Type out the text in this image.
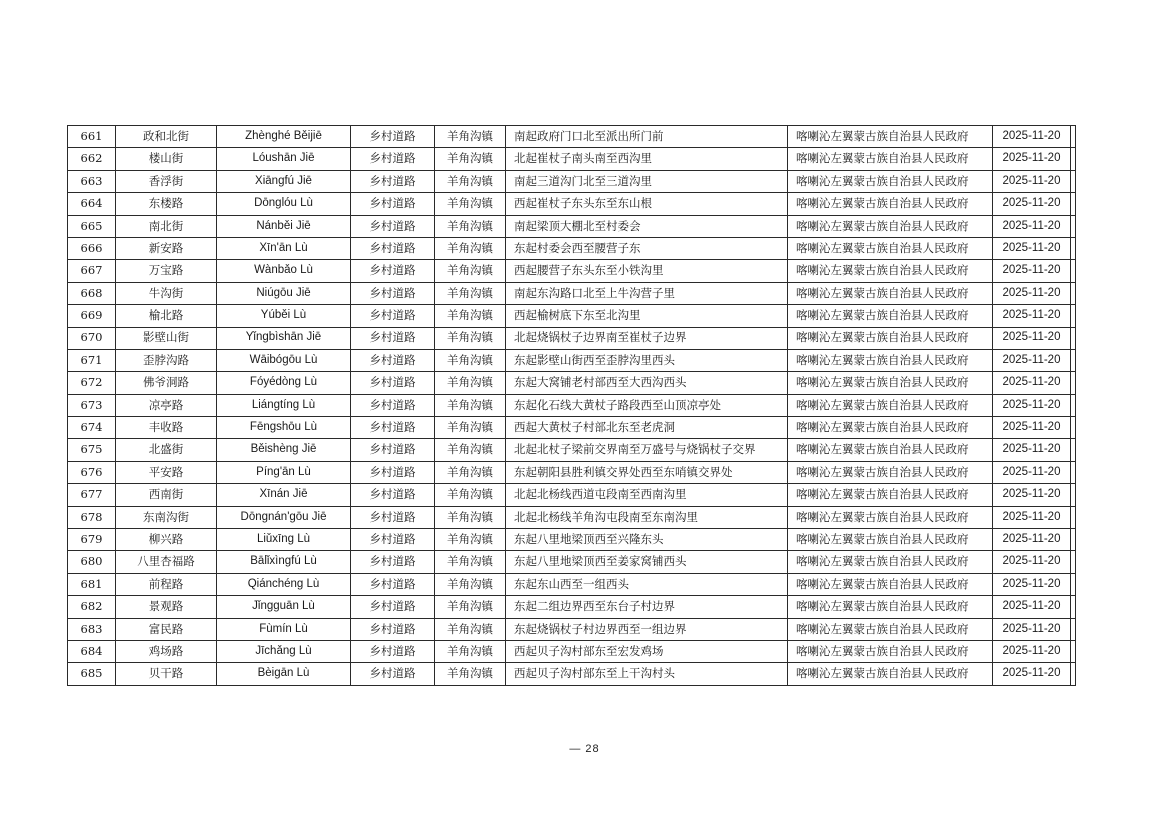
661	政和北街	Zhènghé Běijiē	乡村道路	羊角沟镇	南起政府门口北至派出所门前	喀喇沁左翼蒙古族自治县人民政府	2025-11-20	
662	楼山街	Lóushān Jiē	乡村道路	羊角沟镇	北起崔杖子南头南至西沟里	喀喇沁左翼蒙古族自治县人民政府	2025-11-20	
663	香浮街	Xiāngfú Jiē	乡村道路	羊角沟镇	南起三道沟门北至三道沟里	喀喇沁左翼蒙古族自治县人民政府	2025-11-20	
664	东楼路	Dōnglóu Lù	乡村道路	羊角沟镇	西起崔杖子东头东至东山根	喀喇沁左翼蒙古族自治县人民政府	2025-11-20	
665	南北街	Nánběi Jiē	乡村道路	羊角沟镇	南起梁顶大棚北至村委会	喀喇沁左翼蒙古族自治县人民政府	2025-11-20	
666	新安路	Xīn'ān Lù	乡村道路	羊角沟镇	东起村委会西至腰营子东	喀喇沁左翼蒙古族自治县人民政府	2025-11-20	
667	万宝路	Wànbǎo Lù	乡村道路	羊角沟镇	西起腰营子东头东至小铁沟里	喀喇沁左翼蒙古族自治县人民政府	2025-11-20	
668	牛沟街	Niúgōu Jiē	乡村道路	羊角沟镇	南起东沟路口北至上牛沟营子里	喀喇沁左翼蒙古族自治县人民政府	2025-11-20	
669	榆北路	Yúběi Lù	乡村道路	羊角沟镇	西起榆树底下东至北沟里	喀喇沁左翼蒙古族自治县人民政府	2025-11-20	
670	影壁山街	Yǐngbìshān Jiē	乡村道路	羊角沟镇	北起烧锅杖子边界南至崔杖子边界	喀喇沁左翼蒙古族自治县人民政府	2025-11-20	
671	歪脖沟路	Wāibógōu Lù	乡村道路	羊角沟镇	东起影壁山街西至歪脖沟里西头	喀喇沁左翼蒙古族自治县人民政府	2025-11-20	
672	佛爷洞路	Fóyédòng Lù	乡村道路	羊角沟镇	东起大窝铺老村部西至大西沟西头	喀喇沁左翼蒙古族自治县人民政府	2025-11-20	
673	凉亭路	Liángtíng Lù	乡村道路	羊角沟镇	东起化石线大黄杖子路段西至山顶凉亭处	喀喇沁左翼蒙古族自治县人民政府	2025-11-20	
674	丰收路	Fēngshōu Lù	乡村道路	羊角沟镇	西起大黄杖子村部北东至老虎洞	喀喇沁左翼蒙古族自治县人民政府	2025-11-20	
675	北盛街	Běishèng Jiē	乡村道路	羊角沟镇	北起北杖子梁前交界南至万盛号与烧锅杖子交界	喀喇沁左翼蒙古族自治县人民政府	2025-11-20	
676	平安路	Píng'ān Lù	乡村道路	羊角沟镇	东起朝阳县胜利镇交界处西至东哨镇交界处	喀喇沁左翼蒙古族自治县人民政府	2025-11-20	
677	西南街	Xīnán Jiē	乡村道路	羊角沟镇	北起北杨线西道屯段南至西南沟里	喀喇沁左翼蒙古族自治县人民政府	2025-11-20	
678	东南沟街	Dōngnán'gōu Jiē	乡村道路	羊角沟镇	北起北杨线羊角沟屯段南至东南沟里	喀喇沁左翼蒙古族自治县人民政府	2025-11-20	
679	柳兴路	Liǔxīng Lù	乡村道路	羊角沟镇	东起八里地梁顶西至兴隆东头	喀喇沁左翼蒙古族自治县人民政府	2025-11-20	
680	八里杏福路	Bālǐxìngfú Lù	乡村道路	羊角沟镇	东起八里地梁顶西至姜家窝铺西头	喀喇沁左翼蒙古族自治县人民政府	2025-11-20	
681	前程路	Qiánchéng Lù	乡村道路	羊角沟镇	东起东山西至一组西头	喀喇沁左翼蒙古族自治县人民政府	2025-11-20	
682	景观路	Jǐngguān Lù	乡村道路	羊角沟镇	东起二组边界西至东台子村边界	喀喇沁左翼蒙古族自治县人民政府	2025-11-20	
683	富民路	Fùmín Lù	乡村道路	羊角沟镇	东起烧锅杖子村边界西至一组边界	喀喇沁左翼蒙古族自治县人民政府	2025-11-20	
684	鸡场路	Jīchǎng Lù	乡村道路	羊角沟镇	西起贝子沟村部东至宏发鸡场	喀喇沁左翼蒙古族自治县人民政府	2025-11-20	
685	贝干路	Bèigān Lù	乡村道路	羊角沟镇	西起贝子沟村部东至上干沟村头	喀喇沁左翼蒙古族自治县人民政府	2025-11-20	
— 28
